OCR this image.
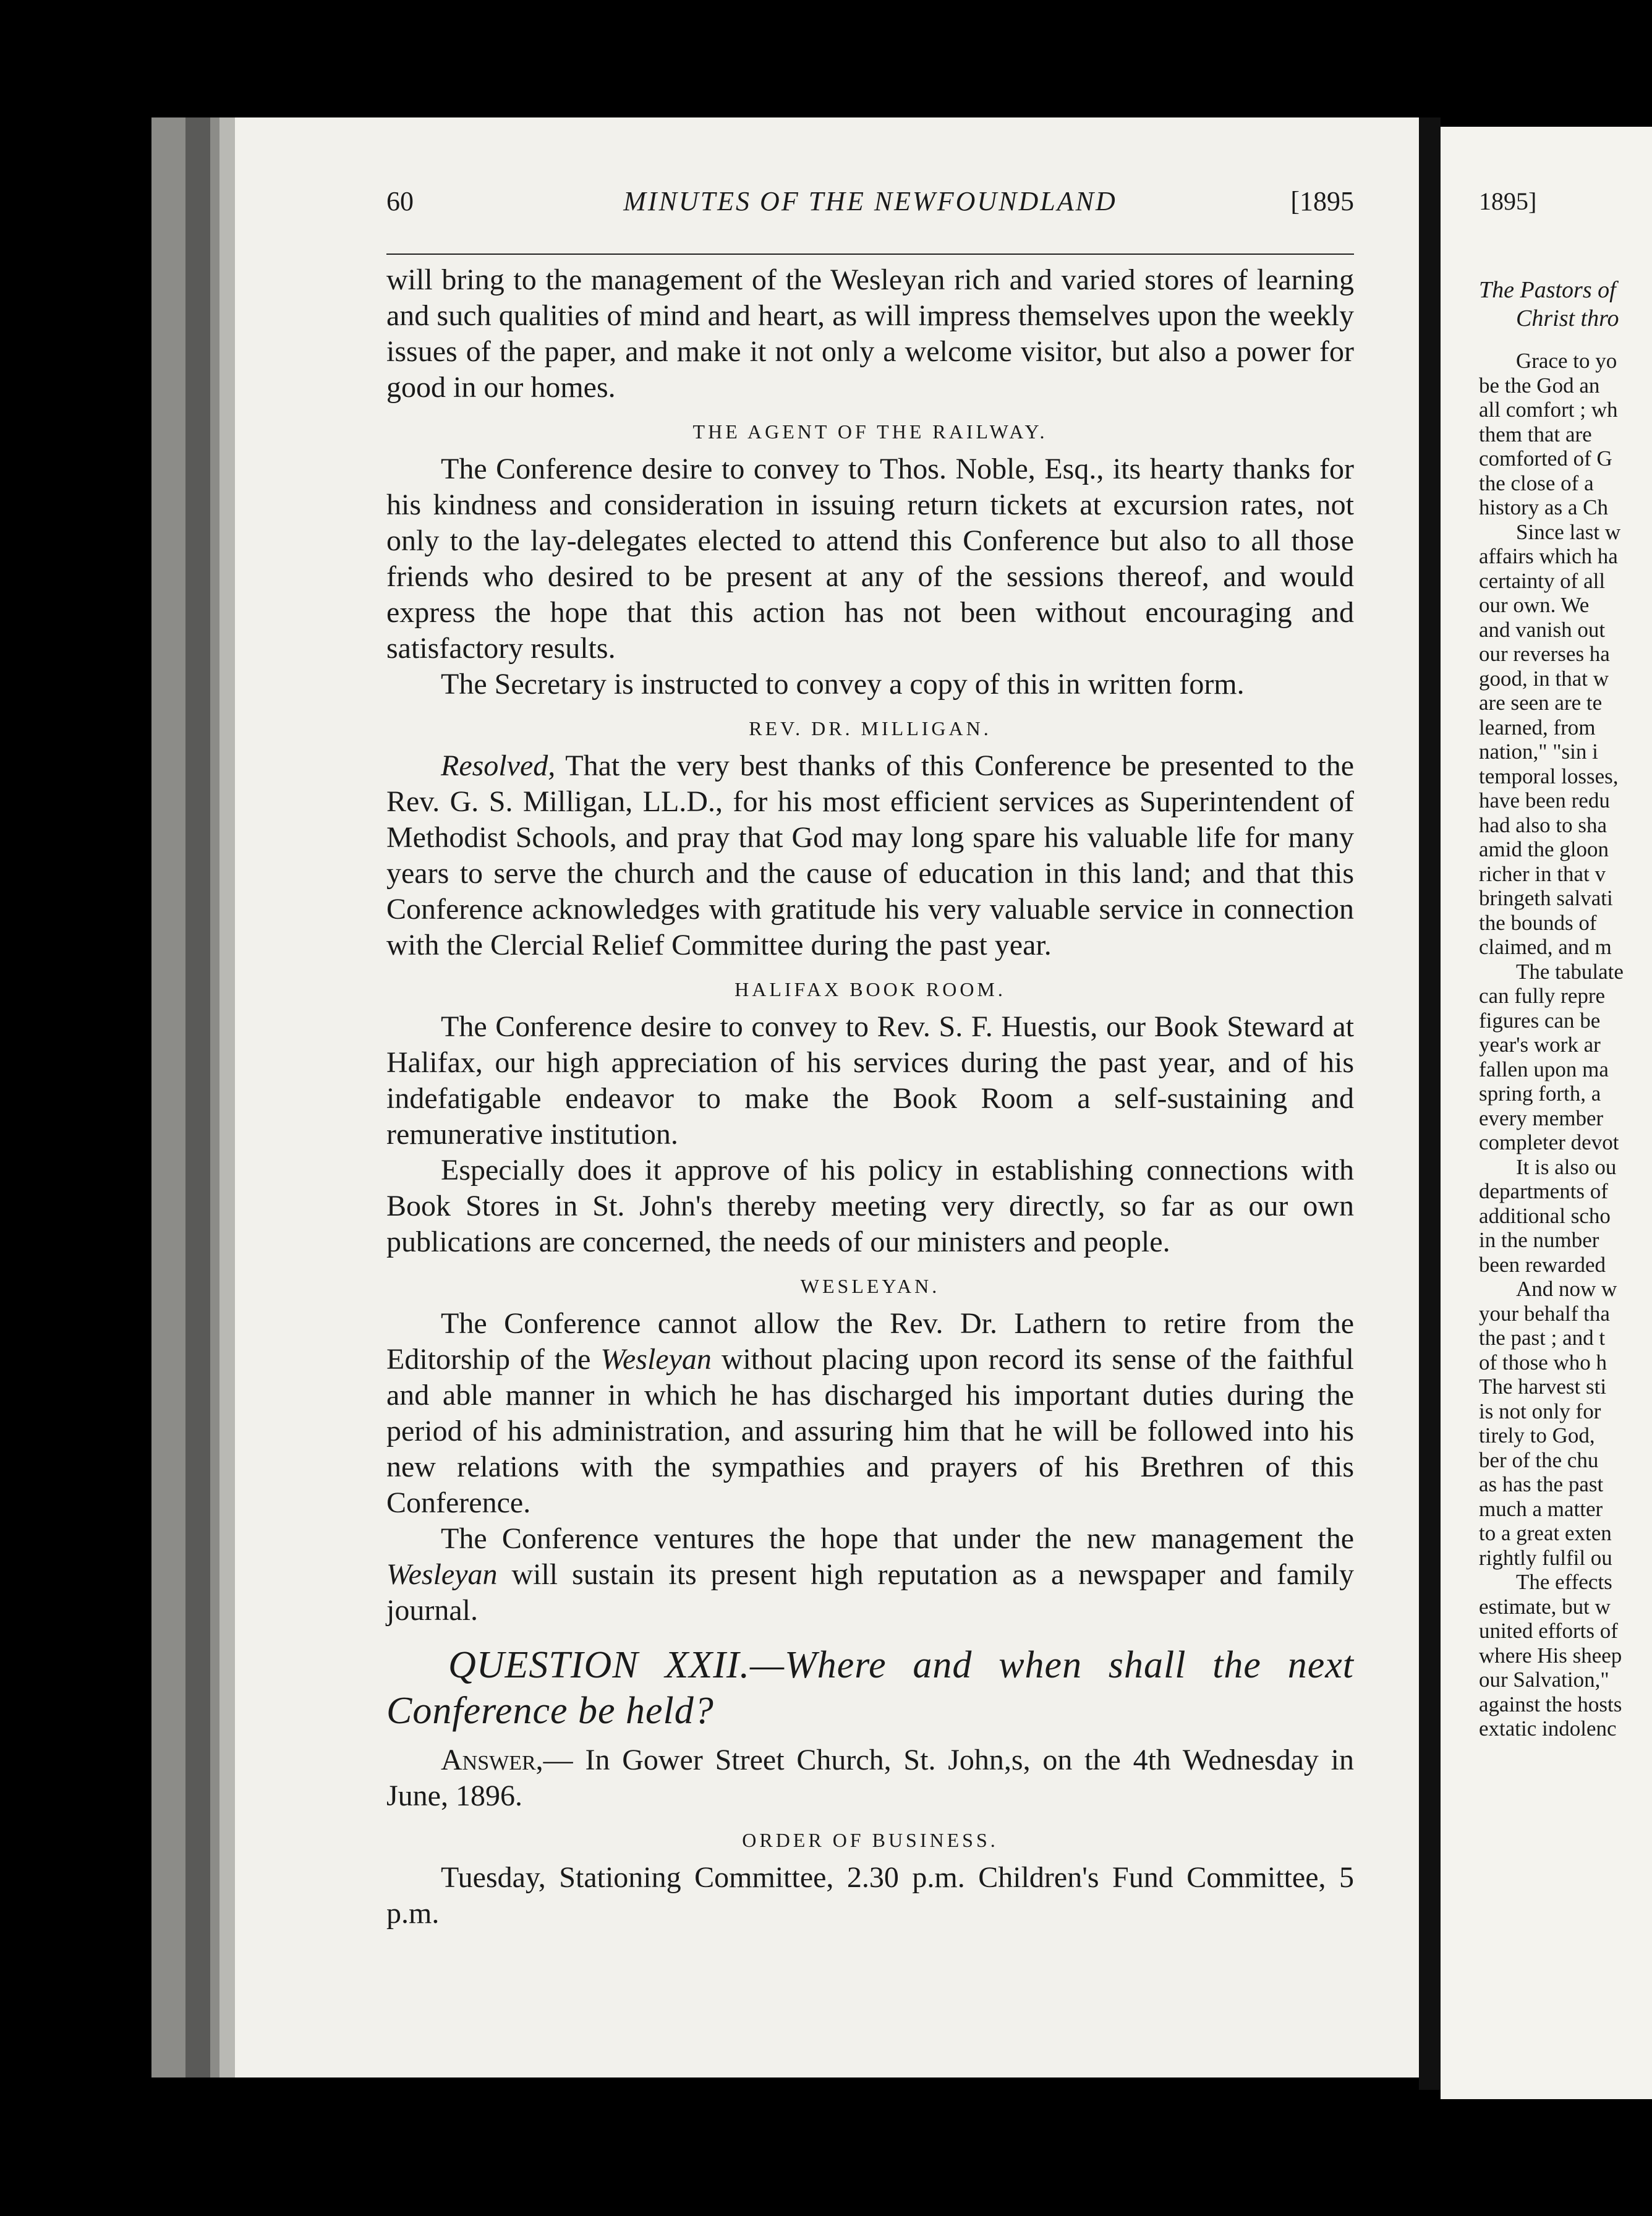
60	MINUTES OF THE NEWFOUNDLAND	[1895

will bring to the management of the Wesleyan rich and varied stores of learning and such qualities of mind and heart, as will impress themselves upon the weekly issues of the paper, and make it not only a welcome visitor, but also a power for good in our homes.

THE AGENT OF THE RAILWAY.

The Conference desire to convey to Thos. Noble, Esq., its hearty thanks for his kindness and consideration in issuing return tickets at excursion rates, not only to the lay-delegates elected to attend this Conference but also to all those friends who desired to be present at any of the sessions thereof, and would express the hope that this action has not been without encouraging and satisfactory results.

The Secretary is instructed to convey a copy of this in written form.

REV. DR. MILLIGAN.

Resolved, That the very best thanks of this Conference be presented to the Rev. G. S. Milligan, LL.D., for his most efficient services as Superintendent of Methodist Schools, and pray that God may long spare his valuable life for many years to serve the church and the cause of education in this land; and that this Conference acknowledges with gratitude his very valuable service in connection with the Clercial Relief Committee during the past year.

HALIFAX BOOK ROOM.

The Conference desire to convey to Rev. S. F. Huestis, our Book Steward at Halifax, our high appreciation of his services during the past year, and of his indefatigable endeavor to make the Book Room a self-sustaining and remunerative institution.

Especially does it approve of his policy in establishing connections with Book Stores in St. John's thereby meeting very directly, so far as our own publications are concerned, the needs of our ministers and people.

WESLEYAN.

The Conference cannot allow the Rev. Dr. Lathern to retire from the Editorship of the Wesleyan without placing upon record its sense of the faithful and able manner in which he has discharged his important duties during the period of his administration, and assuring him that he will be followed into his new relations with the sympathies and prayers of his Brethren of this Conference.

The Conference ventures the hope that under the new management the Wesleyan will sustain its present high reputation as a newspaper and family journal.

QUESTION XXII.—Where and when shall the next Conference be held?

Answer,— In Gower Street Church, St. John,s, on the 4th Wednesday in June, 1896.

ORDER OF BUSINESS.

Tuesday, Stationing Committee, 2.30 p.m. Children's Fund Committee, 5 p.m.

1895]
The Pastors of
Christ thro
Grace to yo
be the God an
all comfort ; wh
them that are
comforted of G
the close of a
history as a Ch
Since last w
affairs which ha
certainty of all
our own. We
and vanish out
our reverses ha
good, in that w
are seen are te
learned, from
nation," "sin i
temporal losses,
have been redu
had also to sha
amid the gloon
richer in that v
bringeth salvati
the bounds of
claimed, and m
The tabulate
can fully repre
figures can be
year's work ar
fallen upon ma
spring forth, a
every member
completer devot
It is also ou
departments of
additional scho
in the number
been rewarded
And now w
your behalf tha
the past ; and t
of those who h
The harvest sti
is not only for
tirely to God,
ber of the chu
as has the past
much a matter
to a great exten
rightly fulfil ou
The effects
estimate, but w
united efforts of
where His sheep
our Salvation,"
against the hosts
extatic indolenc
